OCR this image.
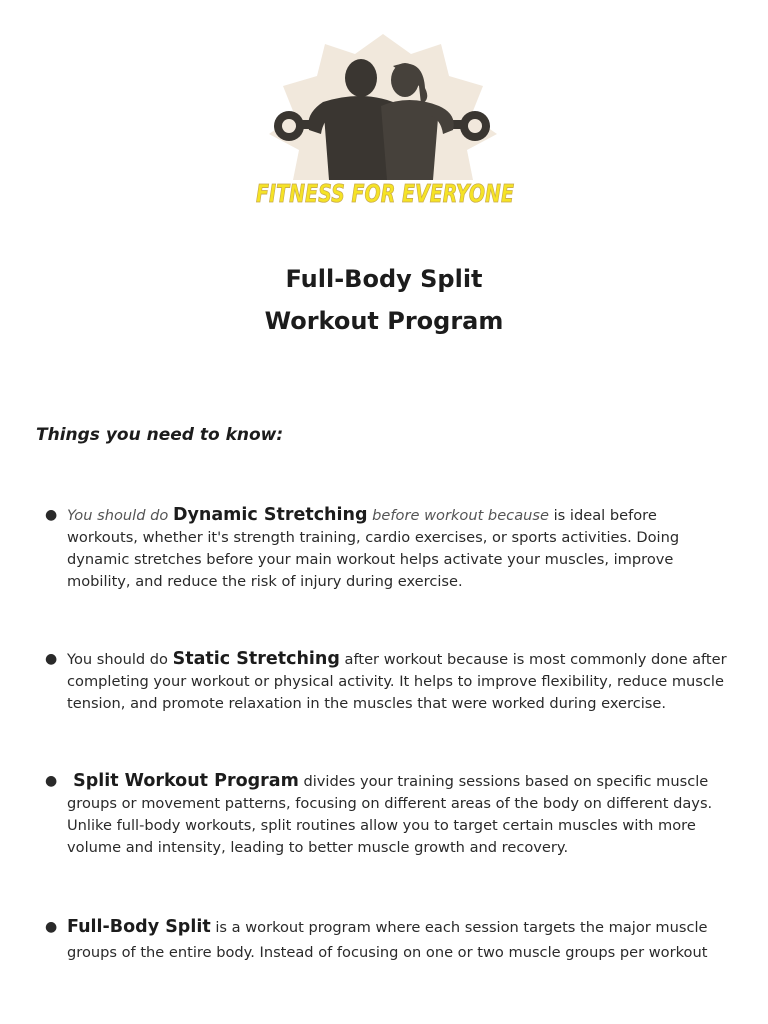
FITNESS FOR EVERYONE
Full-Body Split
Workout Program
Things you need to know:
● You should do Dynamic Stretching before workout because is ideal before workouts, whether it's strength training, cardio exercises, or sports activities. Doing dynamic stretches before your main workout helps activate your muscles, improve mobility, and reduce the risk of injury during exercise.
● You should do Static Stretching after workout because is most commonly done after completing your workout or physical activity. It helps to improve flexibility, reduce muscle tension, and promote relaxation in the muscles that were worked during exercise.
● Split Workout Program divides your training sessions based on specific muscle groups or movement patterns, focusing on different areas of the body on different days. Unlike full-body workouts, split routines allow you to target certain muscles with more volume and intensity, leading to better muscle growth and recovery.
● Full-Body Split is a workout program where each session targets the major muscle groups of the entire body. Instead of focusing on one or two muscle groups per workout
